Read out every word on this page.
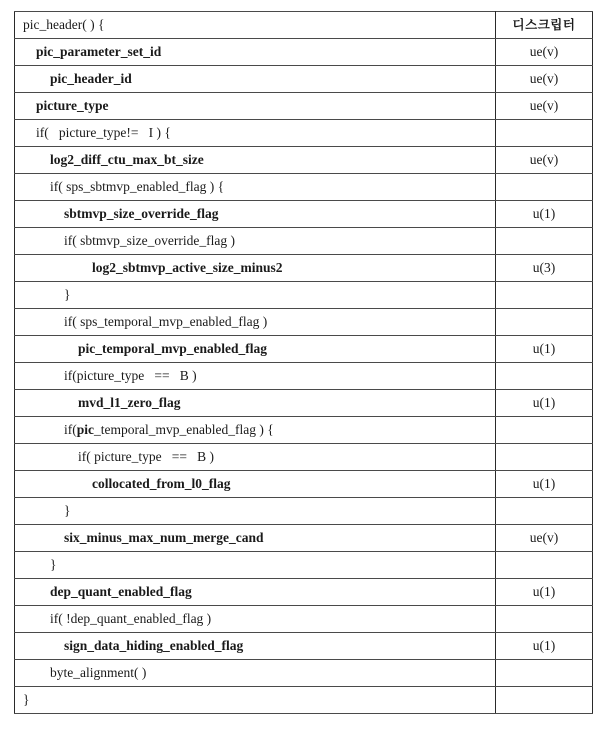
pic_header( ) {	디스크립터
pic_parameter_set_id	ue(v)
pic_header_id	ue(v)
picture_type	ue(v)
if(   picture_type!=   I ) {	
log2_diff_ctu_max_bt_size	ue(v)
if( sps_sbtmvp_enabled_flag ) {	
sbtmvp_size_override_flag	u(1)
if( sbtmvp_size_override_flag )	
log2_sbtmvp_active_size_minus2	u(3)
}	
if( sps_temporal_mvp_enabled_flag )	
pic_temporal_mvp_enabled_flag	u(1)
if(picture_type   ==   B )	
mvd_l1_zero_flag	u(1)
if(pic_temporal_mvp_enabled_flag ) {	
if( picture_type   ==   B )	
collocated_from_l0_flag	u(1)
}	
six_minus_max_num_merge_cand	ue(v)
}	
dep_quant_enabled_flag	u(1)
if( !dep_quant_enabled_flag )	
sign_data_hiding_enabled_flag	u(1)
byte_alignment( )	
}	
